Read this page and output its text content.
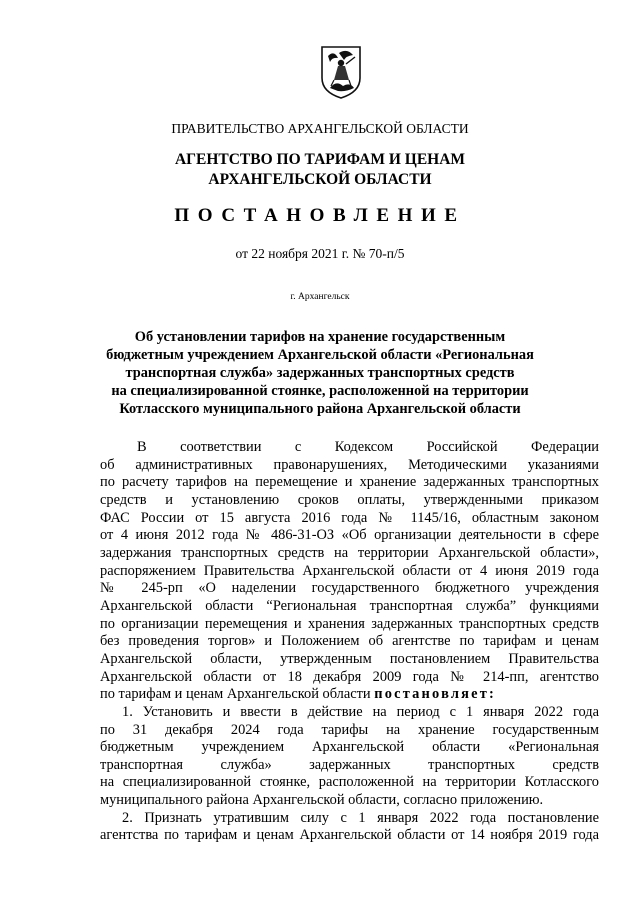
ПРАВИТЕЛЬСТВО АРХАНГЕЛЬСКОЙ ОБЛАСТИ
АГЕНТСТВО ПО ТАРИФАМ И ЦЕНАМ
АРХАНГЕЛЬСКОЙ ОБЛАСТИ
ПОСТАНОВЛЕНИЕ
от 22 ноября 2021 г. № 70-п/5
г. Архангельск
Об установлении тарифов на хранение государственным
бюджетным учреждением Архангельской области «Региональная
транспортная служба» задержанных транспортных средств
на специализированной стоянке, расположенной на территории
Котласского муниципального района Архангельской области
В соответствии с Кодексом Российской Федерации
об административных правонарушениях, Методическими указаниями
по расчету тарифов на перемещение и хранение задержанных транспортных
средств и установлению сроков оплаты, утвержденными приказом
ФАС России от 15 августа 2016 года № 1145/16, областным законом
от 4 июня 2012 года № 486-31-ОЗ «Об организации деятельности в сфере
задержания транспортных средств на территории Архангельской области»,
распоряжением Правительства Архангельской области от 4 июня 2019 года
№ 245-рп «О наделении государственного бюджетного учреждения
Архангельской области “Региональная транспортная служба” функциями
по организации перемещения и хранения задержанных транспортных средств
без проведения торгов» и Положением об агентстве по тарифам и ценам
Архангельской области, утвержденным постановлением Правительства
Архангельской области от 18 декабря 2009 года № 214-пп, агентство
по тарифам и ценам Архангельской области постановляет:
1. Установить и ввести в действие на период с 1 января 2022 года
по 31 декабря 2024 года тарифы на хранение государственным
бюджетным учреждением Архангельской области «Региональная
транспортная служба» задержанных транспортных средств
на специализированной стоянке, расположенной на территории Котласского
муниципального района Архангельской области, согласно приложению.
2. Признать утратившим силу с 1 января 2022 года постановление
агентства по тарифам и ценам Архангельской области от 14 ноября 2019 года
